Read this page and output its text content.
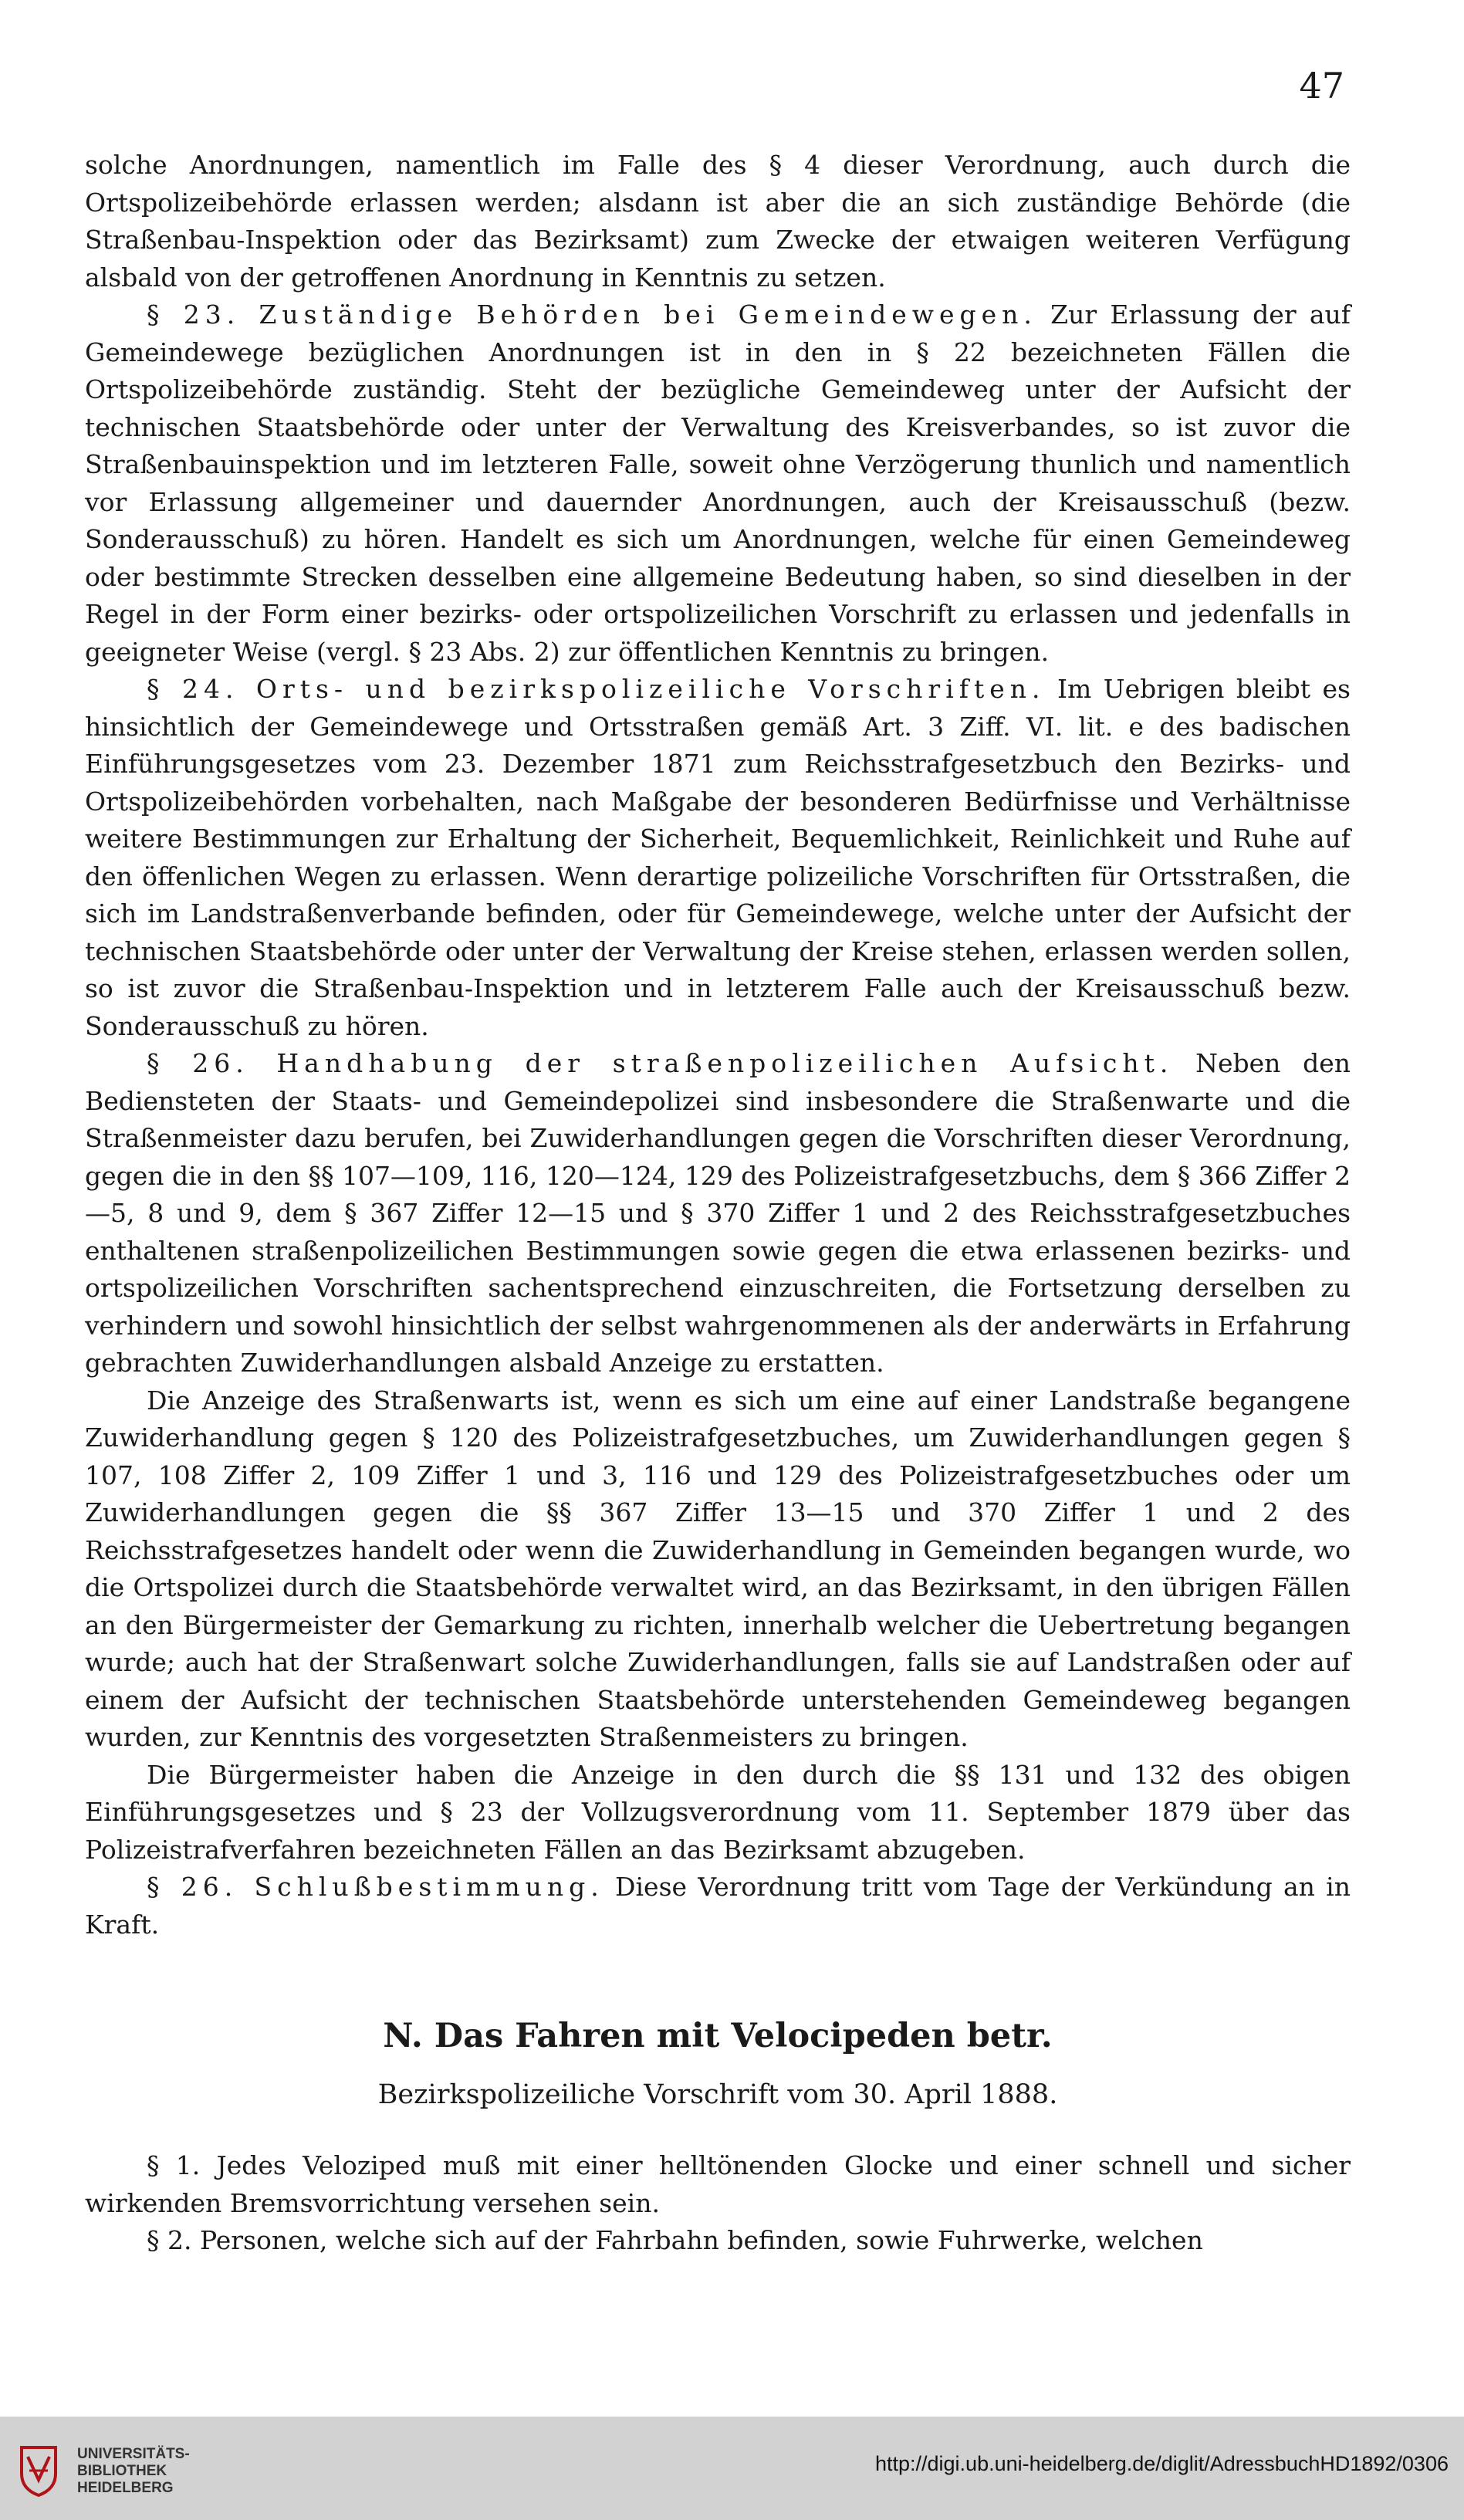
47

solche Anordnungen, namentlich im Falle des § 4 dieser Verordnung, auch durch die Ortspolizeibehörde erlassen werden; alsdann ist aber die an sich zuständige Behörde (die Straßenbau-Inspektion oder das Bezirksamt) zum Zwecke der etwaigen weiteren Verfügung alsbald von der getroffenen Anordnung in Kenntnis zu setzen.

§ 23. Zuständige Behörden bei Gemeindewegen. Zur Erlassung der auf Gemeindewege bezüglichen Anordnungen ist in den in § 22 bezeichneten Fällen die Ortspolizeibehörde zuständig. Steht der bezügliche Gemeindeweg unter der Aufsicht der technischen Staatsbehörde oder unter der Verwaltung des Kreisverbandes, so ist zuvor die Straßenbauinspektion und im letzteren Falle, soweit ohne Verzögerung thunlich und namentlich vor Erlassung allgemeiner und dauernder Anordnungen, auch der Kreisausschuß (bezw. Sonderausschuß) zu hören. Handelt es sich um Anordnungen, welche für einen Gemeindeweg oder bestimmte Strecken desselben eine allgemeine Bedeutung haben, so sind dieselben in der Regel in der Form einer bezirks- oder ortspolizeilichen Vorschrift zu erlassen und jedenfalls in geeigneter Weise (vergl. § 23 Abs. 2) zur öffentlichen Kenntnis zu bringen.

§ 24. Orts- und bezirkspolizeiliche Vorschriften. Im Uebrigen bleibt es hinsichtlich der Gemeindewege und Ortsstraßen gemäß Art. 3 Ziff. VI. lit. e des badischen Einführungsgesetzes vom 23. Dezember 1871 zum Reichsstrafgesetzbuch den Bezirks- und Ortspolizeibehörden vorbehalten, nach Maßgabe der besonderen Bedürfnisse und Verhältnisse weitere Bestimmungen zur Erhaltung der Sicherheit, Bequemlichkeit, Reinlichkeit und Ruhe auf den öffenlichen Wegen zu erlassen. Wenn derartige polizeiliche Vorschriften für Ortsstraßen, die sich im Landstraßenverbande befinden, oder für Gemeindewege, welche unter der Aufsicht der technischen Staatsbehörde oder unter der Verwaltung der Kreise stehen, erlassen werden sollen, so ist zuvor die Straßenbau-Inspektion und in letzterem Falle auch der Kreisausschuß bezw. Sonderausschuß zu hören.

§ 26. Handhabung der straßenpolizeilichen Aufsicht. Neben den Bediensteten der Staats- und Gemeindepolizei sind insbesondere die Straßenwarte und die Straßenmeister dazu berufen, bei Zuwiderhandlungen gegen die Vorschriften dieser Verordnung, gegen die in den §§ 107—109, 116, 120—124, 129 des Polizeistrafgesetzbuchs, dem § 366 Ziffer 2—5, 8 und 9, dem § 367 Ziffer 12—15 und § 370 Ziffer 1 und 2 des Reichsstrafgesetzbuches enthaltenen straßenpolizeilichen Bestimmungen sowie gegen die etwa erlassenen bezirks- und ortspolizeilichen Vorschriften sachentsprechend einzuschreiten, die Fortsetzung derselben zu verhindern und sowohl hinsichtlich der selbst wahrgenommenen als der anderwärts in Erfahrung gebrachten Zuwiderhandlungen alsbald Anzeige zu erstatten.

Die Anzeige des Straßenwarts ist, wenn es sich um eine auf einer Landstraße begangene Zuwiderhandlung gegen § 120 des Polizeistrafgesetzbuches, um Zuwiderhandlungen gegen § 107, 108 Ziffer 2, 109 Ziffer 1 und 3, 116 und 129 des Polizeistrafgesetzbuches oder um Zuwiderhandlungen gegen die §§ 367 Ziffer 13—15 und 370 Ziffer 1 und 2 des Reichsstrafgesetzes handelt oder wenn die Zuwiderhandlung in Gemeinden begangen wurde, wo die Ortspolizei durch die Staatsbehörde verwaltet wird, an das Bezirksamt, in den übrigen Fällen an den Bürgermeister der Gemarkung zu richten, innerhalb welcher die Uebertretung begangen wurde; auch hat der Straßenwart solche Zuwiderhandlungen, falls sie auf Landstraßen oder auf einem der Aufsicht der technischen Staatsbehörde unterstehenden Gemeindeweg begangen wurden, zur Kenntnis des vorgesetzten Straßenmeisters zu bringen.

Die Bürgermeister haben die Anzeige in den durch die §§ 131 und 132 des obigen Einführungsgesetzes und § 23 der Vollzugsverordnung vom 11. September 1879 über das Polizeistrafverfahren bezeichneten Fällen an das Bezirksamt abzugeben.

§ 26. Schlußbestimmung. Diese Verordnung tritt vom Tage der Verkündung an in Kraft.

N. Das Fahren mit Velocipeden betr.
Bezirkspolizeiliche Vorschrift vom 30. April 1888.

§ 1. Jedes Veloziped muß mit einer helltönenden Glocke und einer schnell und sicher wirkenden Bremsvorrichtung versehen sein.

§ 2. Personen, welche sich auf der Fahrbahn befinden, sowie Fuhrwerke, welchen

UNIVERSITÄTS-
BIBLIOTHEK
HEIDELBERG
http://digi.ub.uni-heidelberg.de/diglit/AdressbuchHD1892/0306
